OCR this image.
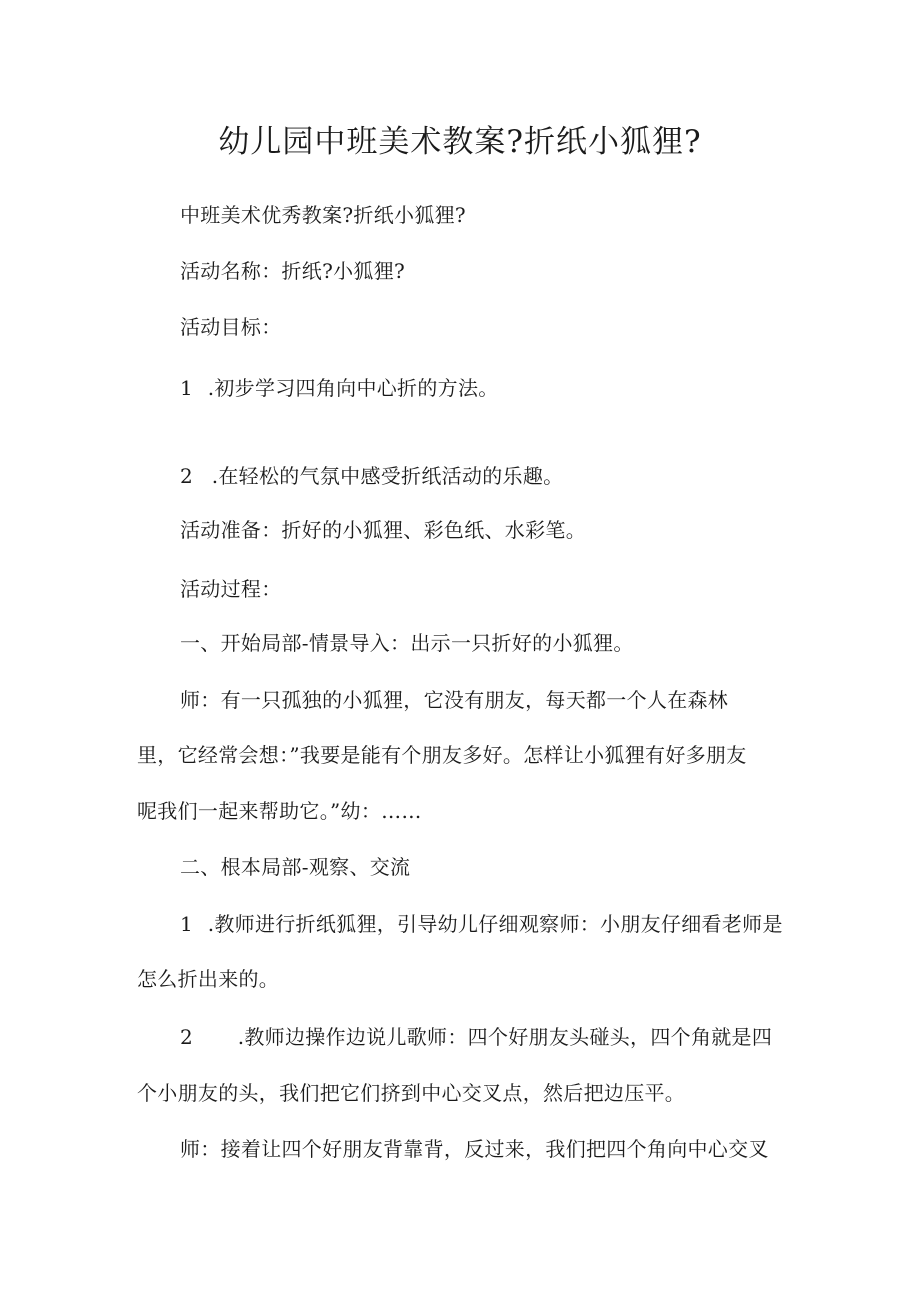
幼儿园中班美术教案?折纸小狐狸?
中班美术优秀教案?折纸小狐狸?
活动名称：折纸?小狐狸?
活动目标：
1 .初步学习四角向中心折的方法。
2 .在轻松的气氛中感受折纸活动的乐趣。
活动准备：折好的小狐狸、彩色纸、水彩笔。
活动过程：
一、开始局部-情景导入：出示一只折好的小狐狸。
师：有一只孤独的小狐狸，它没有朋友，每天都一个人在森林
里，它经常会想：”我要是能有个朋友多好。怎样让小狐狸有好多朋友
呢我们一起来帮助它。”幼：……
二、根本局部-观察、交流
1 .教师进行折纸狐狸，引导幼儿仔细观察师：小朋友仔细看老师是
怎么折出来的。
2 .教师边操作边说儿歌师：四个好朋友头碰头，四个角就是四
个小朋友的头，我们把它们挤到中心交叉点，然后把边压平。
师：接着让四个好朋友背靠背，反过来，我们把四个角向中心交叉
